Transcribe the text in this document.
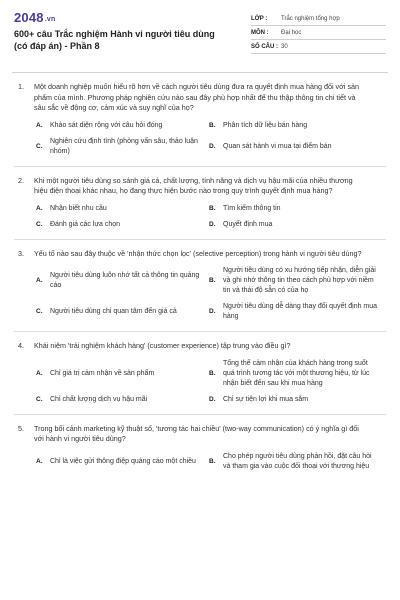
2048.vn
600+ câu Trắc nghiệm Hành vi người tiêu dùng (có đáp án) - Phần 8
LỚP :	Trắc nghiệm tổng hợp
MÔN :	Đại học
SỐ CÂU : 30
1.	Một doanh nghiệp muốn hiểu rõ hơn về cách người tiêu dùng đưa ra quyết định mua hàng đối với sản phẩm của mình. Phương pháp nghiên cứu nào sau đây phù hợp nhất để thu thập thông tin chi tiết và sâu sắc về động cơ, cảm xúc và suy nghĩ của họ?
A.	Khảo sát diện rộng với câu hỏi đóng	B.	Phân tích dữ liệu bán hàng
C.
Nghiên cứu định tính (phỏng vấn sâu, thảo luận nhóm)
D.	Quan sát hành vi mua tại điểm bán
2.	Khi một người tiêu dùng so sánh giá cả, chất lượng, tính năng và dịch vụ hậu mãi của nhiều thương hiệu điện thoại khác nhau, họ đang thực hiện bước nào trong quy trình quyết định mua hàng?
A.	Nhận biết nhu cầu	B.	Tìm kiếm thông tin
C.	Đánh giá các lựa chọn	D.	Quyết định mua
3.	Yếu tố nào sau đây thuộc về 'nhận thức chọn lọc' (selective perception) trong hành vi người tiêu dùng?
A.
Người tiêu dùng luôn nhớ tất cả thông tin quảng cáo
B.
Người tiêu dùng có xu hướng tiếp nhận, diễn giải và ghi nhớ thông tin theo cách phù hợp với niềm tin và thái độ sẵn có của họ
C.	Người tiêu dùng chỉ quan tâm đến giá cả	D.
Người tiêu dùng dễ dàng thay đổi quyết định mua hàng
4.	Khái niệm 'trải nghiệm khách hàng' (customer experience) tập trung vào điều gì?
A.	Chỉ giá trị cảm nhận về sản phẩm	B.
Tổng thể cảm nhận của khách hàng trong suốt quá trình tương tác với một thương hiệu, từ lúc nhận biết đến sau khi mua hàng
C.	Chỉ chất lượng dịch vụ hậu mãi	D.	Chỉ sự tiện lợi khi mua sắm
5.	Trong bối cảnh marketing kỹ thuật số, 'tương tác hai chiều' (two-way communication) có ý nghĩa gì đối với hành vi người tiêu dùng?
A.	Chỉ là việc gửi thông điệp quảng cáo một chiều	B.
Cho phép người tiêu dùng phản hồi, đặt câu hỏi và tham gia vào cuộc đối thoại với thương hiệu
